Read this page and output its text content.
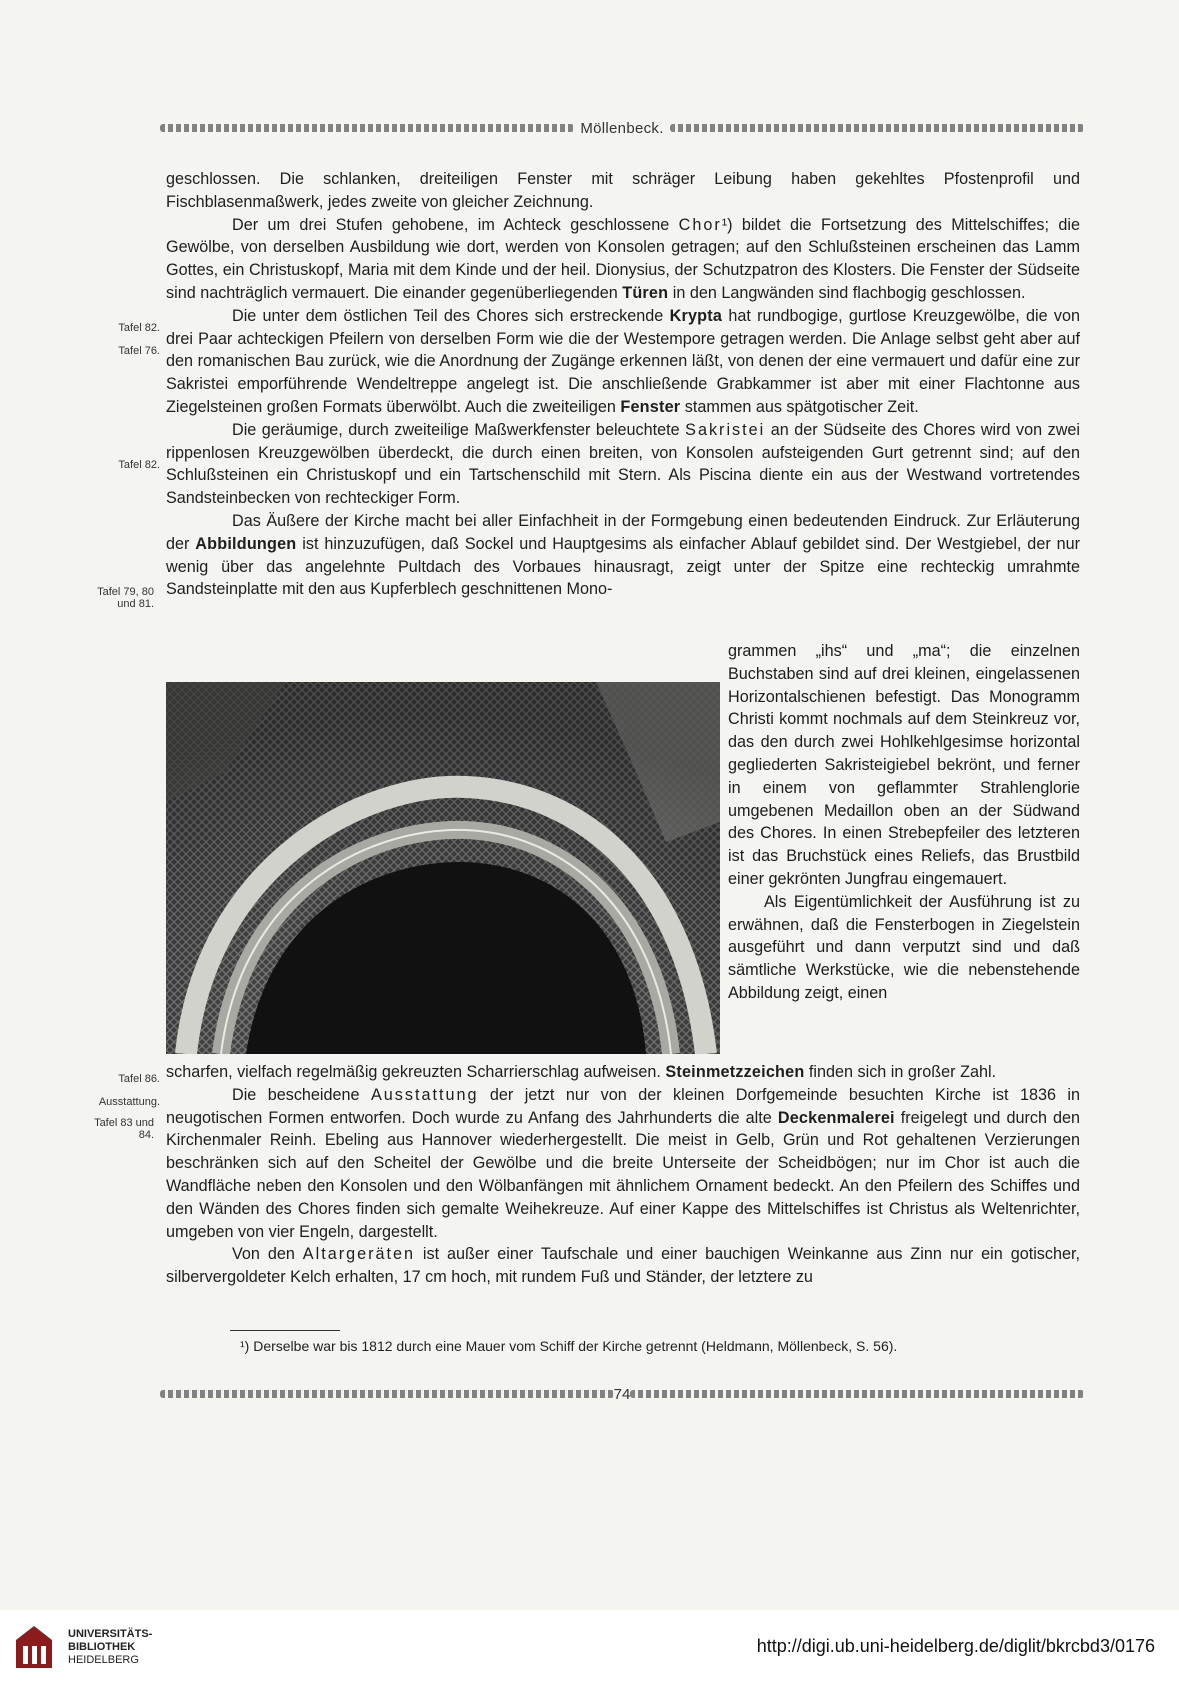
Möllenbeck.
Tafel 82.
Tafel 76.
Tafel 82.
Tafel 79, 80 und 81.
Tafel 86.
Ausstattung.
Tafel 83 und 84.

geschlossen. Die schlanken, dreiteiligen Fenster mit schräger Leibung haben gekehltes Pfostenprofil und Fischblasenmaßwerk, jedes zweite von gleicher Zeichnung.

Der um drei Stufen gehobene, im Achteck geschlossene Chor¹) bildet die Fortsetzung des Mittelschiffes; die Gewölbe, von derselben Ausbildung wie dort, werden von Konsolen getragen; auf den Schlußsteinen erscheinen das Lamm Gottes, ein Christuskopf, Maria mit dem Kinde und der heil. Dionysius, der Schutzpatron des Klosters. Die Fenster der Südseite sind nachträglich vermauert. Die einander gegenüberliegenden Türen in den Langwänden sind flachbogig geschlossen.

Die unter dem östlichen Teil des Chores sich erstreckende Krypta hat rundbogige, gurtlose Kreuzgewölbe, die von drei Paar achteckigen Pfeilern von derselben Form wie die der Westempore getragen werden. Die Anlage selbst geht aber auf den romanischen Bau zurück, wie die Anordnung der Zugänge erkennen läßt, von denen der eine vermauert und dafür eine zur Sakristei emporführende Wendeltreppe angelegt ist. Die anschließende Grabkammer ist aber mit einer Flachtonne aus Ziegelsteinen großen Formats überwölbt. Auch die zweiteiligen Fenster stammen aus spätgotischer Zeit.

Die geräumige, durch zweiteilige Maßwerkfenster beleuchtete Sakristei an der Südseite des Chores wird von zwei rippenlosen Kreuzgewölben überdeckt, die durch einen breiten, von Konsolen aufsteigenden Gurt getrennt sind; auf den Schlußsteinen ein Christuskopf und ein Tartschenschild mit Stern. Als Piscina diente ein aus der Westwand vortretendes Sandsteinbecken von rechteckiger Form.

Das Äußere der Kirche macht bei aller Einfachheit in der Formgebung einen bedeutenden Eindruck. Zur Erläuterung der Abbildungen ist hinzuzufügen, daß Sockel und Hauptgesims als einfacher Ablauf gebildet sind. Der Westgiebel, der nur wenig über das angelehnte Pultdach des Vorbaues hinausragt, zeigt unter der Spitze eine rechteckig umrahmte Sandsteinplatte mit den aus Kupferblech geschnittenen Mono-

grammen „ihs“ und „ma“; die einzelnen Buchstaben sind auf drei kleinen, eingelassenen Horizontalschienen befestigt. Das Monogramm Christi kommt nochmals auf dem Steinkreuz vor, das den durch zwei Hohlkehlgesimse horizontal gegliederten Sakristeigiebel bekrönt, und ferner in einem von geflammter Strahlenglorie umgebenen Medaillon oben an der Südwand des Chores. In einen Strebepfeiler des letzteren ist das Bruchstück eines Reliefs, das Brustbild einer gekrönten Jungfrau eingemauert.

Als Eigentümlichkeit der Ausführung ist zu erwähnen, daß die Fensterbogen in Ziegelstein ausgeführt und dann verputzt sind und daß sämtliche Werkstücke, wie die nebenstehende Abbildung zeigt, einen

scharfen, vielfach regelmäßig gekreuzten Scharrierschlag aufweisen. Steinmetzzeichen finden sich in großer Zahl.

Die bescheidene Ausstattung der jetzt nur von der kleinen Dorfgemeinde besuchten Kirche ist 1836 in neugotischen Formen entworfen. Doch wurde zu Anfang des Jahrhunderts die alte Deckenmalerei freigelegt und durch den Kirchenmaler Reinh. Ebeling aus Hannover wiederhergestellt. Die meist in Gelb, Grün und Rot gehaltenen Verzierungen beschränken sich auf den Scheitel der Gewölbe und die breite Unterseite der Scheidbögen; nur im Chor ist auch die Wandfläche neben den Konsolen und den Wölbanfängen mit ähnlichem Ornament bedeckt. An den Pfeilern des Schiffes und den Wänden des Chores finden sich gemalte Weihekreuze. Auf einer Kappe des Mittelschiffes ist Christus als Weltenrichter, umgeben von vier Engeln, dargestellt.

Von den Altargeräten ist außer einer Taufschale und einer bauchigen Weinkanne aus Zinn nur ein gotischer, silbervergoldeter Kelch erhalten, 17 cm hoch, mit rundem Fuß und Ständer, der letztere zu

¹) Derselbe war bis 1812 durch eine Mauer vom Schiff der Kirche getrennt (Heldmann, Möllenbeck, S. 56).
74
UNIVERSITÄTS-
BIBLIOTHEK
HEIDELBERG
http://digi.ub.uni-heidelberg.de/diglit/bkrcbd3/0176
